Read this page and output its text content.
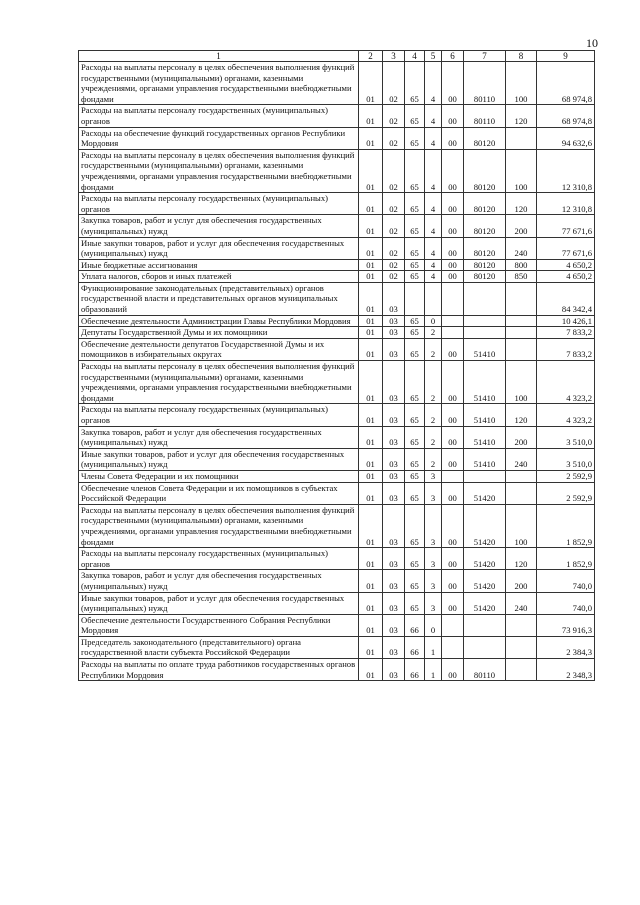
10
1	2	3	4	5	6	7	8	9
Расходы на выплаты персоналу в целях обеспечения выполнения функций государственными (муниципальными) органами, казенными учреждениями, органами управления государственными внебюджетными фондами	01	02	65	4	00	80110	100	68 974,8
Расходы на выплаты персоналу государственных (муниципальных) органов	01	02	65	4	00	80110	120	68 974,8
Расходы на обеспечение функций государственных органов Республики Мордовия	01	02	65	4	00	80120		94 632,6
Расходы на выплаты персоналу в целях обеспечения выполнения функций государственными (муниципальными) органами, казенными учреждениями, органами управления государственными внебюджетными фондами	01	02	65	4	00	80120	100	12 310,8
Расходы на выплаты персоналу государственных (муниципальных) органов	01	02	65	4	00	80120	120	12 310,8
Закупка товаров, работ и услуг для обеспечения государственных (муниципальных) нужд	01	02	65	4	00	80120	200	77 671,6
Иные закупки товаров, работ и услуг для обеспечения государственных (муниципальных) нужд	01	02	65	4	00	80120	240	77 671,6
Иные бюджетные ассигнования	01	02	65	4	00	80120	800	4 650,2
Уплата налогов, сборов и иных платежей	01	02	65	4	00	80120	850	4 650,2
Функционирование законодательных (представительных) органов государственной власти и представительных органов муниципальных образований	01	03						84 342,4
Обеспечение деятельности Администрации Главы Республики Мордовия	01	03	65	0				10 426,1
Депутаты Государственной Думы и их помощники	01	03	65	2				7 833,2
Обеспечение деятельности депутатов Государственной Думы и их помощников в избирательных округах	01	03	65	2	00	51410		7 833,2
Расходы на выплаты персоналу в целях обеспечения выполнения функций государственными (муниципальными) органами, казенными учреждениями, органами управления государственными внебюджетными фондами	01	03	65	2	00	51410	100	4 323,2
Расходы на выплаты персоналу государственных (муниципальных) органов	01	03	65	2	00	51410	120	4 323,2
Закупка товаров, работ и услуг для обеспечения государственных (муниципальных) нужд	01	03	65	2	00	51410	200	3 510,0
Иные закупки товаров, работ и услуг для обеспечения государственных (муниципальных) нужд	01	03	65	2	00	51410	240	3 510,0
Члены Совета Федерации и их помощники	01	03	65	3				2 592,9
Обеспечение членов Совета Федерации и их помощников в субъектах Российской Федерации	01	03	65	3	00	51420		2 592,9
Расходы на выплаты персоналу в целях обеспечения выполнения функций государственными (муниципальными) органами, казенными учреждениями, органами управления государственными внебюджетными фондами	01	03	65	3	00	51420	100	1 852,9
Расходы на выплаты персоналу государственных (муниципальных) органов	01	03	65	3	00	51420	120	1 852,9
Закупка товаров, работ и услуг для обеспечения государственных (муниципальных) нужд	01	03	65	3	00	51420	200	740,0
Иные закупки товаров, работ и услуг для обеспечения государственных (муниципальных) нужд	01	03	65	3	00	51420	240	740,0
Обеспечение деятельности Государственного Собрания Республики Мордовия	01	03	66	0				73 916,3
Председатель законодательного (представительного) органа государственной власти субъекта Российской Федерации	01	03	66	1				2 384,3
Расходы на выплаты по оплате труда работников государственных органов Республики Мордовия	01	03	66	1	00	80110		2 348,3
